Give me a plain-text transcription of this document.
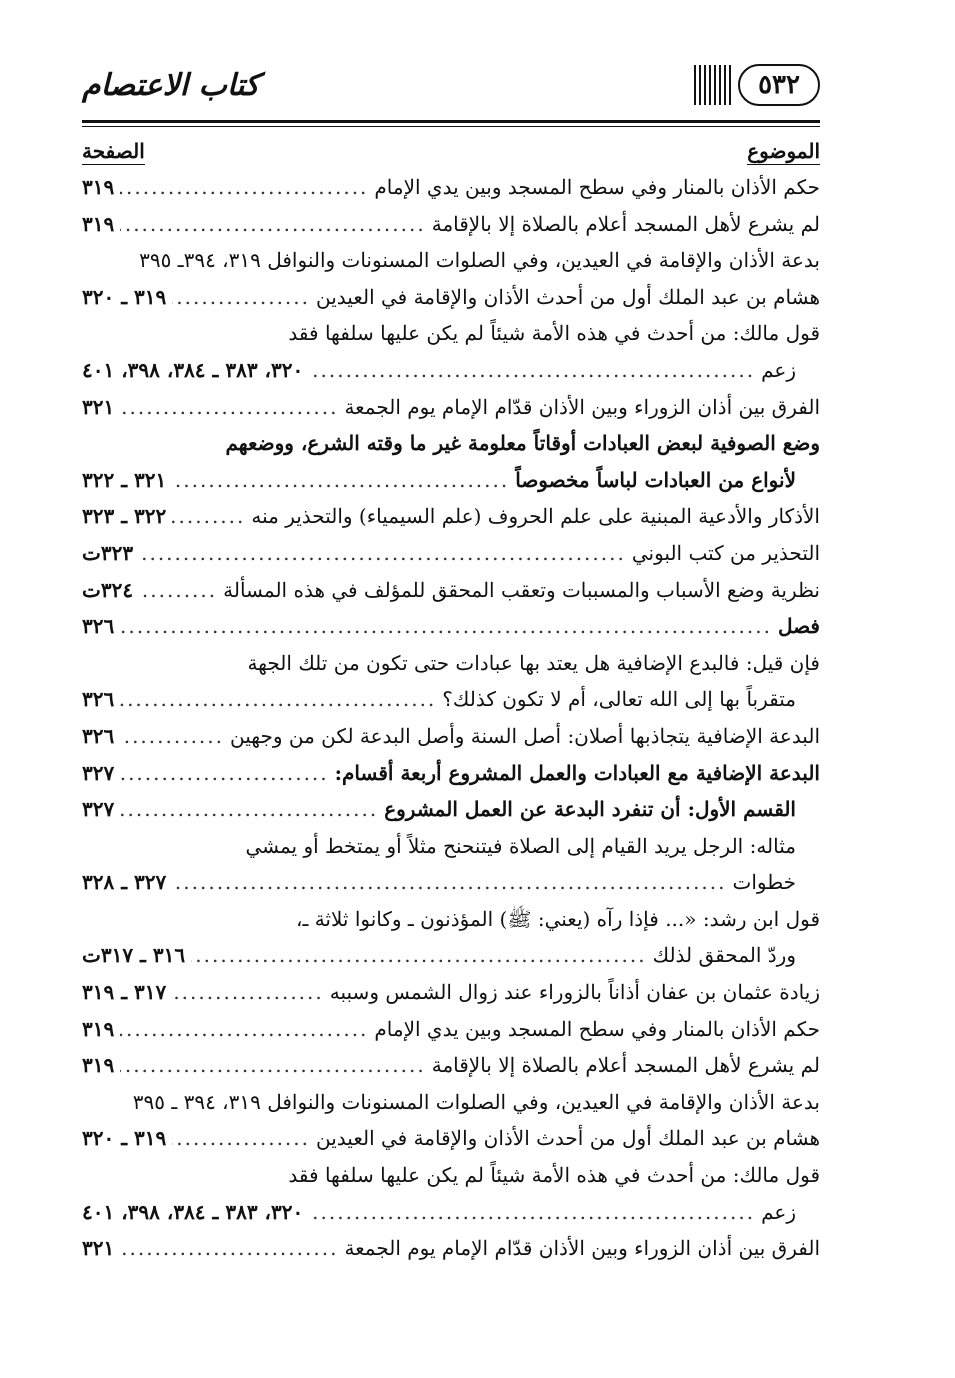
٥٣٢
كتاب الاعتصام
الموضوع
الصفحة
حكم الأذان بالمنار وفي سطح المسجد وبين يدي الإمام
.....
٣١٩
لم يشرع لأهل المسجد أعلام بالصلاة إلا بالإقامة
.....
٣١٩
بدعة الأذان والإقامة في العيدين، وفي الصلوات المسنونات والنوافل ٣١٩، ٣٩٤ـ ٣٩٥
هشام بن عبد الملك أول من أحدث الأذان والإقامة في العيدين
.....
٣١٩ ـ ٣٢٠
قول مالك: من أحدث في هذه الأمة شيئاً لم يكن عليها سلفها فقد
زعم
.....
٣٢٠، ٣٨٣ ـ ٣٨٤، ٣٩٨، ٤٠١
الفرق بين أذان الزوراء وبين الأذان قدّام الإمام يوم الجمعة
.....
٣٢١
وضع الصوفية لبعض العبادات أوقاتاً معلومة غير ما وقته الشرع، ووضعهم
لأنواع من العبادات لباساً مخصوصاً
.....
٣٢١ ـ ٣٢٢
الأذكار والأدعية المبنية على علم الحروف (علم السيمياء) والتحذير منه
.....
٣٢٢ ـ ٣٢٣
التحذير من كتب البوني
.....
٣٢٣ت
نظرية وضع الأسباب والمسببات وتعقب المحقق للمؤلف في هذه المسألة
.....
٣٢٤ت
فصل
.....
٣٢٦
فإن قيل: فالبدع الإضافية هل يعتد بها عبادات حتى تكون من تلك الجهة
متقرباً بها إلى الله تعالى، أم لا تكون كذلك؟
.....
٣٢٦
البدعة الإضافية يتجاذبها أصلان: أصل السنة وأصل البدعة لكن من وجهين
.....
٣٢٦
البدعة الإضافية مع العبادات والعمل المشروع أربعة أقسام:
.....
٣٢٧
القسم الأول: أن تنفرد البدعة عن العمل المشروع
.....
٣٢٧
مثاله: الرجل يريد القيام إلى الصلاة فيتنحنح مثلاً أو يمتخط أو يمشي
خطوات
.....
٣٢٧ ـ ٣٢٨
قول ابن رشد: «... فإذا رآه (يعني: ﷺ) المؤذنون ـ وكانوا ثلاثة ـ،
وردّ المحقق لذلك
.....
٣١٦ ـ ٣١٧ت
زيادة عثمان بن عفان أذاناً بالزوراء عند زوال الشمس وسببه
.....
٣١٧ ـ ٣١٩
حكم الأذان بالمنار وفي سطح المسجد وبين يدي الإمام
.....
٣١٩
لم يشرع لأهل المسجد أعلام بالصلاة إلا بالإقامة
.....
٣١٩
بدعة الأذان والإقامة في العيدين، وفي الصلوات المسنونات والنوافل ٣١٩، ٣٩٤ ـ ٣٩٥
هشام بن عبد الملك أول من أحدث الأذان والإقامة في العيدين
.....
٣١٩ ـ ٣٢٠
قول مالك: من أحدث في هذه الأمة شيئاً لم يكن عليها سلفها فقد
زعم
.....
٣٢٠، ٣٨٣ ـ ٣٨٤، ٣٩٨، ٤٠١
الفرق بين أذان الزوراء وبين الأذان قدّام الإمام يوم الجمعة
.....
٣٢١
